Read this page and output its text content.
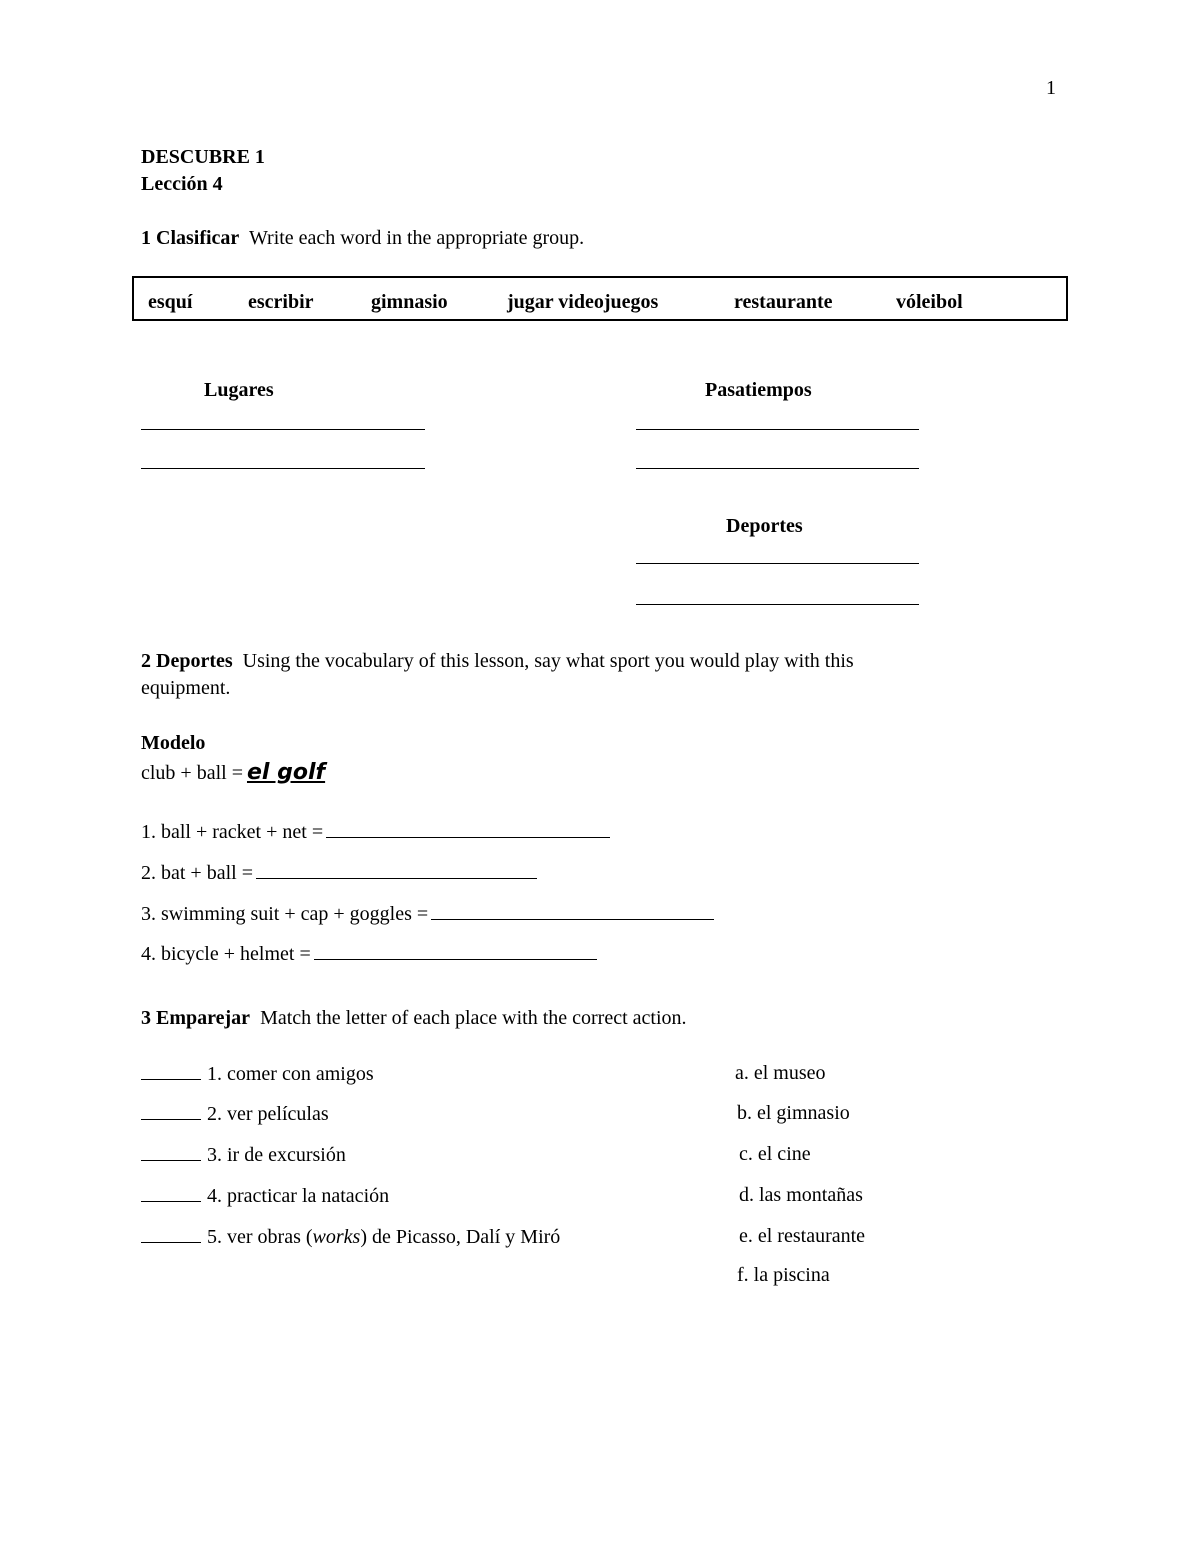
1
DESCUBRE 1
Lección 4
1 Clasificar Write each word in the appropriate group.
esquí	escribir	gimnasio	jugar videojuegos	restaurante	vóleibol
Lugares	Pasatiempos
Deportes
2 Deportes Using the vocabulary of this lesson, say what sport you would play with this
equipment.
Modelo
club + ball = el golf
1. ball + racket + net =
2. bat + ball =
3. swimming suit + cap + goggles =
4. bicycle + helmet =
3 Emparejar Match the letter of each place with the correct action.
1. comer con amigos
2. ver películas
3. ir de excursión
4. practicar la natación
5. ver obras (works) de Picasso, Dalí y Miró
a. el museo
b. el gimnasio
c. el cine
d. las montañas
e. el restaurante
f. la piscina
